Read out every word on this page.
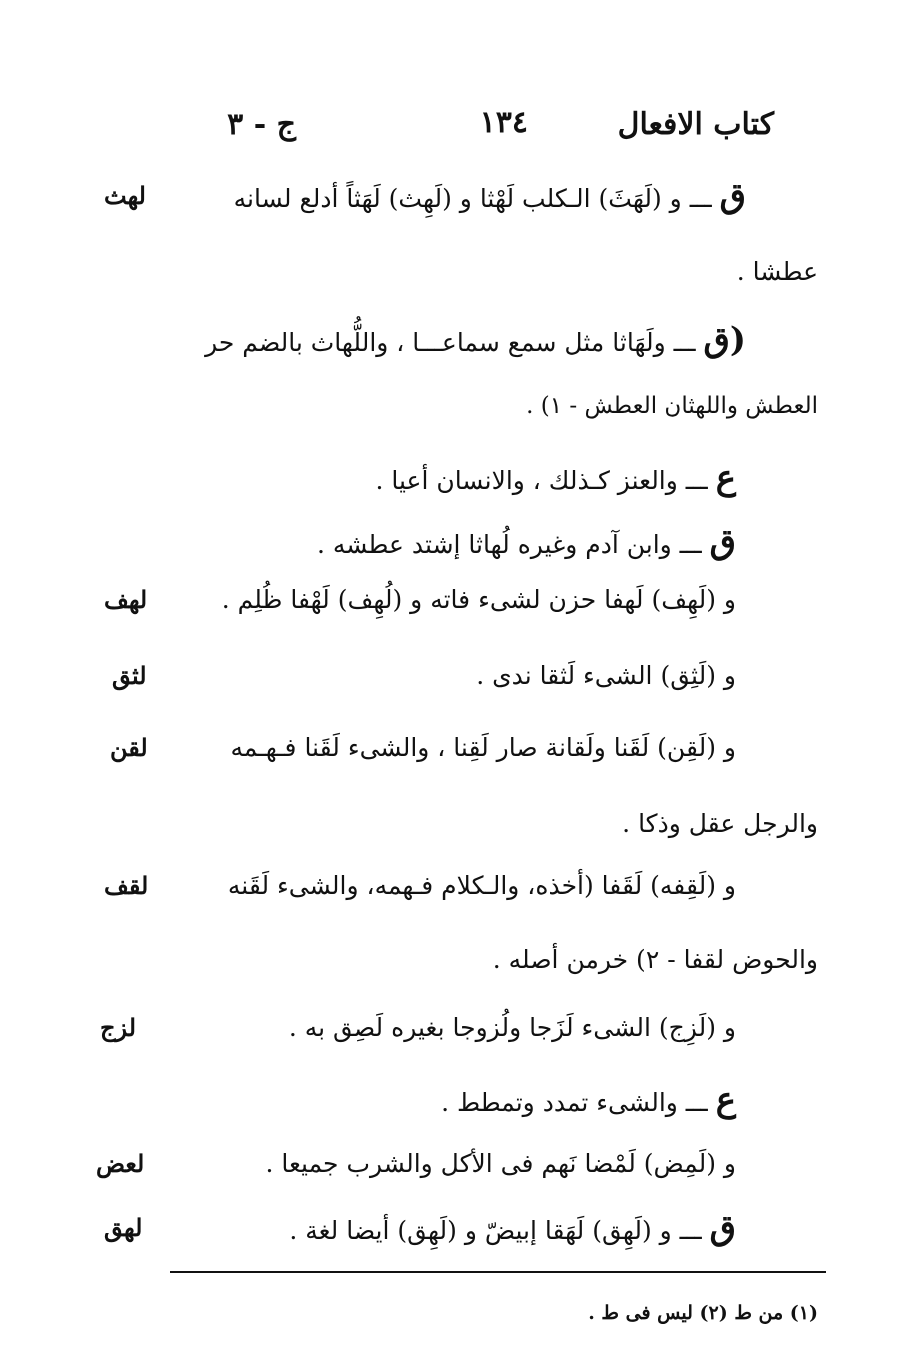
كتاب الافعال
١٣٤
ج - ٣
ق ـــ و (لَهَثَ) الـكلب لَهْثا و (لَهِث) لَهَثاً أدلع لسانه
عطشا .
(ق ـــ ولَهَاثا مثل سمع سماعـــا ، واللُّهاث بالضم حر
العطش واللهثان العطش - ١) .
ع ـــ والعنز كـذلك ، والانسان أعيا .
ق ـــ وابن آدم وغيره لُهاثا إشتد عطشه .
و (لَهِف) لَهفا حزن لشىء فاته و (لُهِف) لَهْفا ظُلِم .
و (لَثِق) الشىء لَثقا ندى .
و (لَقِن) لَقَنا ولَقانة صار لَقِنا ، والشىء لَقَنا فـهـمه
والرجل عقل وذكا .
و (لَقِفه) لَقَفا (أخذه، والـكلام فـهمه، والشىء لَقَنه
والحوض لقفا - ٢) خرمن أصله .
و (لَزِج) الشىء لَزَجا ولُزوجا بغيره لَصِق به .
ع ـــ والشىء تمدد وتمطط .
و (لَمِض) لَمْضا نَهم فى الأكل والشرب جميعا .
ق ـــ و (لَهِق) لَهَقا إبيضّ و (لَهِق) أيضا لغة .
لهث
لهف
لثق
لقن
لقف
لزج
لعض
لهق
(١) من ط (٢) ليس فى ط .
